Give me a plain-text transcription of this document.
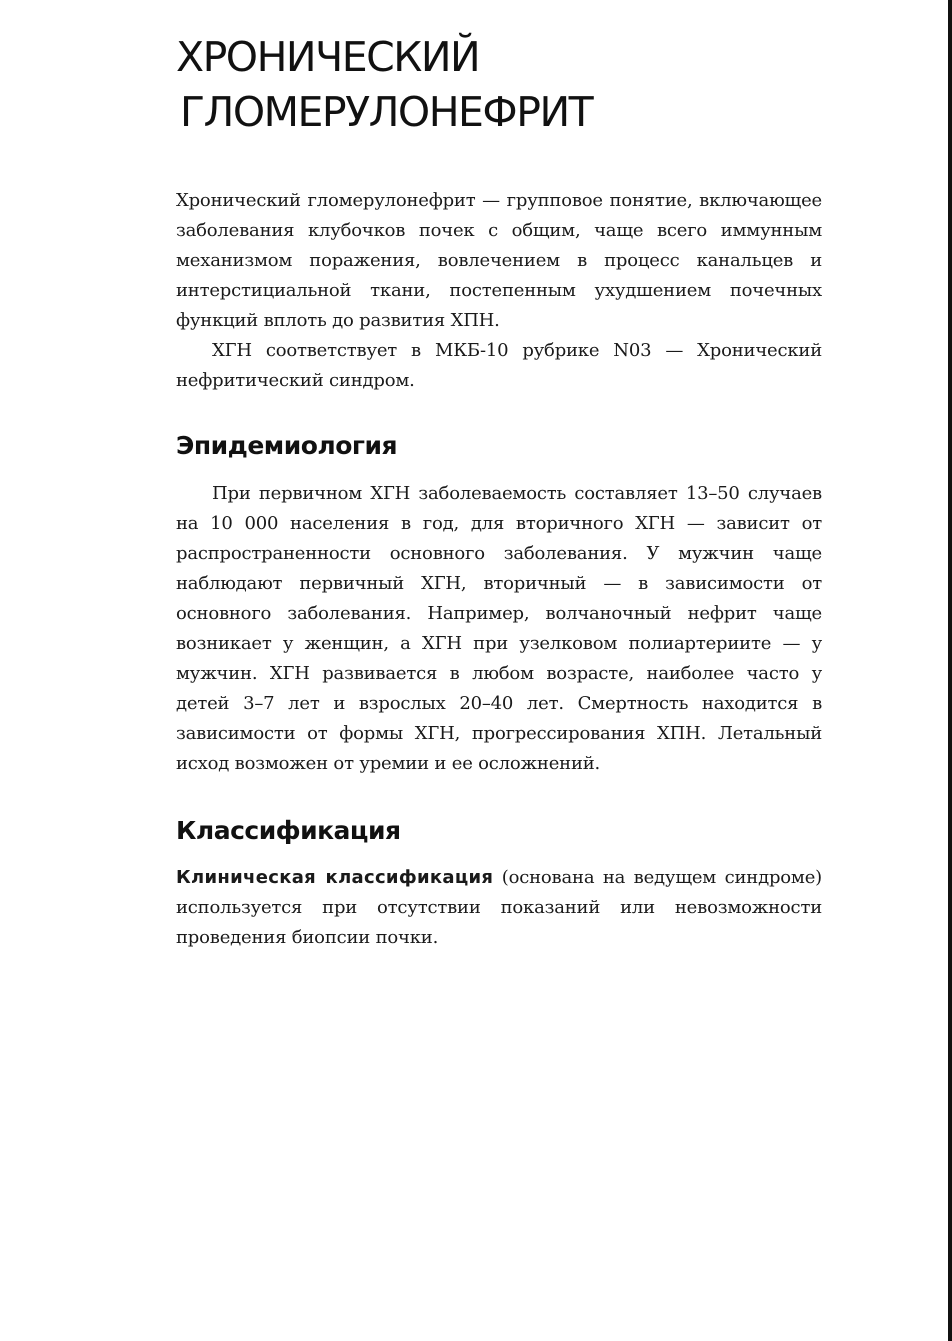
ХРОНИЧЕСКИЙ
ГЛОМЕРУЛОНЕФРИТ

Хронический гломерулонефрит — групповое понятие, включающее заболевания клубочков почек с общим, чаще всего иммунным механизмом поражения, вовлечением в процесс канальцев и интерстициальной ткани, постепенным ухудшением почечных функций вплоть до развития ХПН.

ХГН соответствует в МКБ-10 рубрике N03 — Хронический нефритический синдром.

Эпидемиология

При первичном ХГН заболеваемость составляет 13–50 случаев на 10 000 населения в год, для вторичного ХГН — зависит от распространенности основного заболевания. У мужчин чаще наблюдают первичный ХГН, вторичный — в зависимости от основного заболевания. Например, волчаночный нефрит чаще возникает у женщин, а ХГН при узелковом полиартериите — у мужчин. ХГН развивается в любом возрасте, наиболее часто у детей 3–7 лет и взрослых 20–40 лет. Смертность находится в зависимости от формы ХГН, прогрессирования ХПН. Летальный исход возможен от уремии и ее осложнений.

Классификация

Клиническая классификация (основана на ведущем синдроме) используется при отсутствии показаний или невозможности проведения биопсии почки.
